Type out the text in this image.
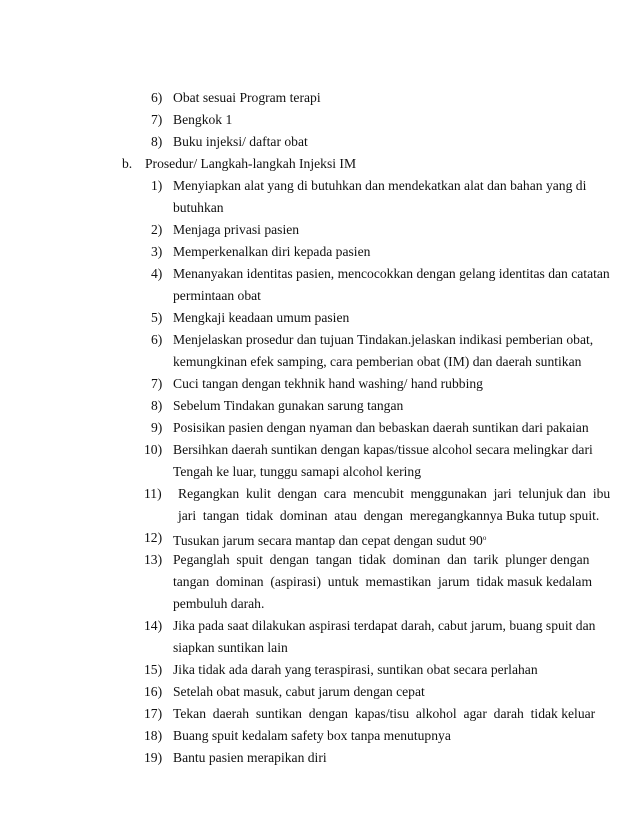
6) Obat sesuai Program terapi
7) Bengkok 1
8) Buku injeksi/ daftar obat
b. Prosedur/ Langkah-langkah Injeksi IM
1) Menyiapkan alat yang di butuhkan dan mendekatkan alat dan bahan yang di
butuhkan
2) Menjaga privasi pasien
3) Memperkenalkan diri kepada pasien
4) Menanyakan identitas pasien, mencocokkan dengan gelang identitas dan catatan
permintaan obat
5) Mengkaji keadaan umum pasien
6) Menjelaskan prosedur dan tujuan Tindakan.jelaskan indikasi pemberian obat,
kemungkinan efek samping, cara pemberian obat (IM) dan daerah suntikan
7) Cuci tangan dengan tekhnik hand washing/ hand rubbing
8) Sebelum Tindakan gunakan sarung tangan
9) Posisikan pasien dengan nyaman dan bebaskan daerah suntikan dari pakaian
10) Bersihkan daerah suntikan dengan kapas/tissue alcohol secara melingkar dari
Tengah ke luar, tunggu samapi alcohol kering
11) Regangkan  kulit  dengan  cara  mencubit  menggunakan  jari  telunjuk dan  ibu
jari  tangan  tidak  dominan  atau  dengan  meregangkannya Buka tutup spuit.
12) Tusukan jarum secara mantap dan cepat dengan sudut 90$^o$
13) Peganglah  spuit  dengan  tangan  tidak  dominan  dan  tarik  plunger dengan
tangan  dominan  (aspirasi)  untuk  memastikan  jarum  tidak masuk kedalam
pembuluh darah.
14) Jika pada saat dilakukan aspirasi terdapat darah, cabut jarum, buang spuit dan
siapkan suntikan lain
15) Jika tidak ada darah yang teraspirasi, suntikan obat secara perlahan
16) Setelah obat masuk, cabut jarum dengan cepat
17) Tekan  daerah  suntikan  dengan  kapas/tisu  alkohol  agar  darah  tidak keluar
18) Buang spuit kedalam safety box tanpa menutupnya
19) Bantu pasien merapikan diri
